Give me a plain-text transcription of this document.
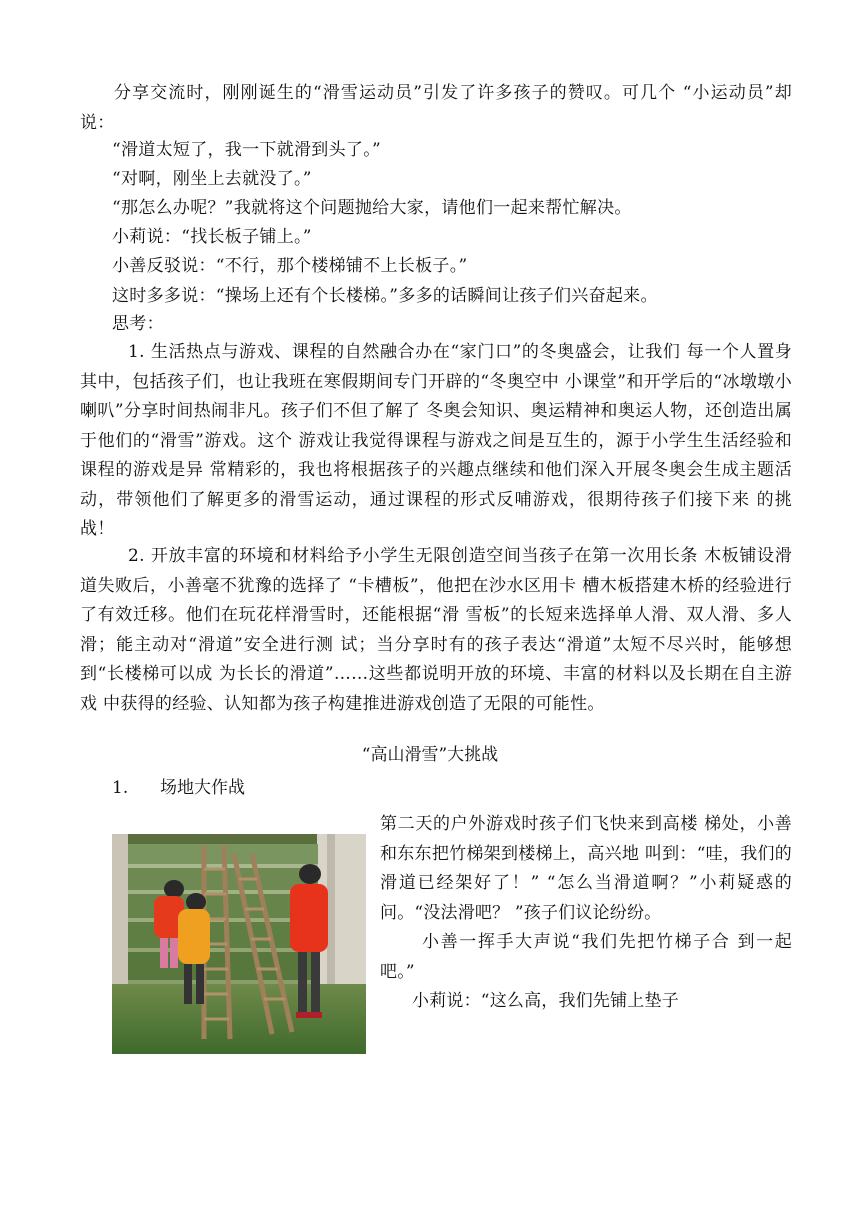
分享交流时，刚刚诞生的“滑雪运动员”引发了许多孩子的赞叹。可几个 “小运动员”却说：
“滑道太短了，我一下就滑到头了。”
“对啊，刚坐上去就没了。”
“那怎么办呢？”我就将这个问题抛给大家，请他们一起来帮忙解决。
小莉说：“找长板子铺上。”
小善反驳说：“不行，那个楼梯铺不上长板子。”
这时多多说：“操场上还有个长楼梯。”多多的话瞬间让孩子们兴奋起来。
思考：
1. 生活热点与游戏、课程的自然融合办在“家门口”的冬奥盛会，让我们 每一个人置身其中，包括孩子们，也让我班在寒假期间专门开辟的“冬奥空中 小课堂”和开学后的“冰墩墩小喇叭”分享时间热闹非凡。孩子们不但了解了 冬奥会知识、奥运精神和奥运人物，还创造出属于他们的“滑雪”游戏。这个 游戏让我觉得课程与游戏之间是互生的，源于小学生生活经验和课程的游戏是异 常精彩的，我也将根据孩子的兴趣点继续和他们深入开展冬奥会生成主题活动，带领他们了解更多的滑雪运动，通过课程的形式反哺游戏，很期待孩子们接下来 的挑战！
2. 开放丰富的环境和材料给予小学生无限创造空间当孩子在第一次用长条 木板铺设滑道失败后，小善毫不犹豫的选择了 “卡槽板”，他把在沙水区用卡 槽木板搭建木桥的经验进行了有效迁移。他们在玩花样滑雪时，还能根据“滑 雪板”的长短来选择单人滑、双人滑、多人滑；能主动对“滑道”安全进行测 试；当分享时有的孩子表达“滑道”太短不尽兴时，能够想到“长楼梯可以成 为长长的滑道”……这些都说明开放的环境、丰富的材料以及长期在自主游戏 中获得的经验、认知都为孩子构建推进游戏创造了无限的可能性。
“高山滑雪”大挑战
1. 场地大作战
第二天的户外游戏时孩子们飞快来到高楼 梯处，小善和东东把竹梯架到楼梯上，高兴地 叫到：“哇，我们的滑道已经架好了！” “怎么当滑道啊？”小莉疑惑的问。“没法滑吧？ ”孩子们议论纷纷。
小善一挥手大声说“我们先把竹梯子合 到一起吧。”
小莉说：“这么高，我们先铺上垫子
